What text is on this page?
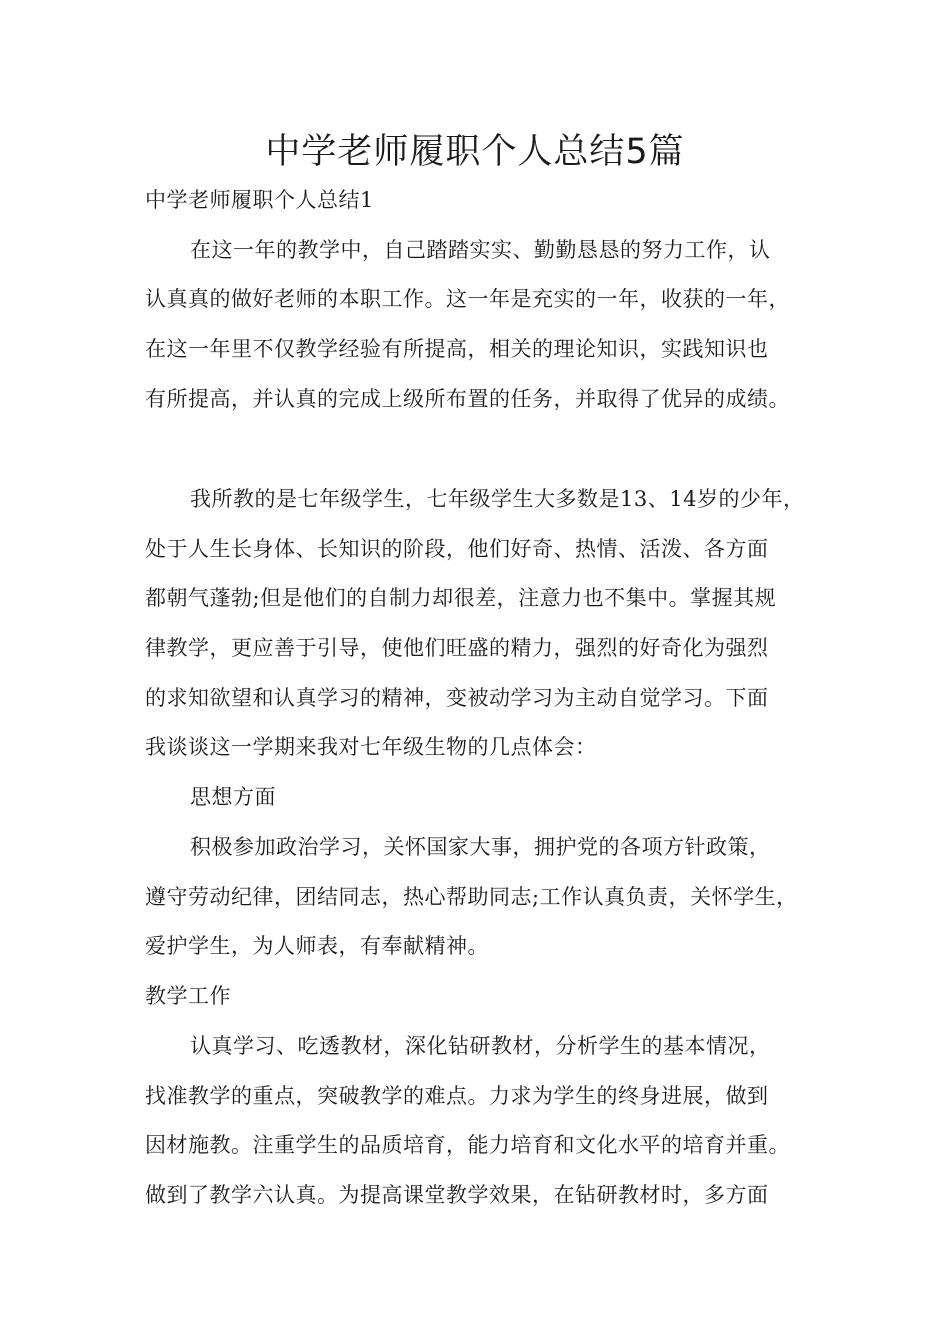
中学老师履职个人总结5篇
中学老师履职个人总结1
在这一年的教学中，自己踏踏实实、勤勤恳恳的努力工作，认
认真真的做好老师的本职工作。这一年是充实的一年，收获的一年，
在这一年里不仅教学经验有所提高，相关的理论知识，实践知识也
有所提高，并认真的完成上级所布置的任务，并取得了优异的成绩。
我所教的是七年级学生，七年级学生大多数是13、14岁的少年，
处于人生长身体、长知识的阶段，他们好奇、热情、活泼、各方面
都朝气蓬勃;但是他们的自制力却很差，注意力也不集中。掌握其规
律教学，更应善于引导，使他们旺盛的精力，强烈的好奇化为强烈
的求知欲望和认真学习的精神，变被动学习为主动自觉学习。下面
我谈谈这一学期来我对七年级生物的几点体会：
思想方面
积极参加政治学习，关怀国家大事，拥护党的各项方针政策，
遵守劳动纪律，团结同志，热心帮助同志;工作认真负责，关怀学生，
爱护学生，为人师表，有奉献精神。
教学工作
认真学习、吃透教材，深化钻研教材，分析学生的基本情况，
找准教学的重点，突破教学的难点。力求为学生的终身进展，做到
因材施教。注重学生的品质培育，能力培育和文化水平的培育并重。
做到了教学六认真。为提高课堂教学效果，在钻研教材时，多方面
